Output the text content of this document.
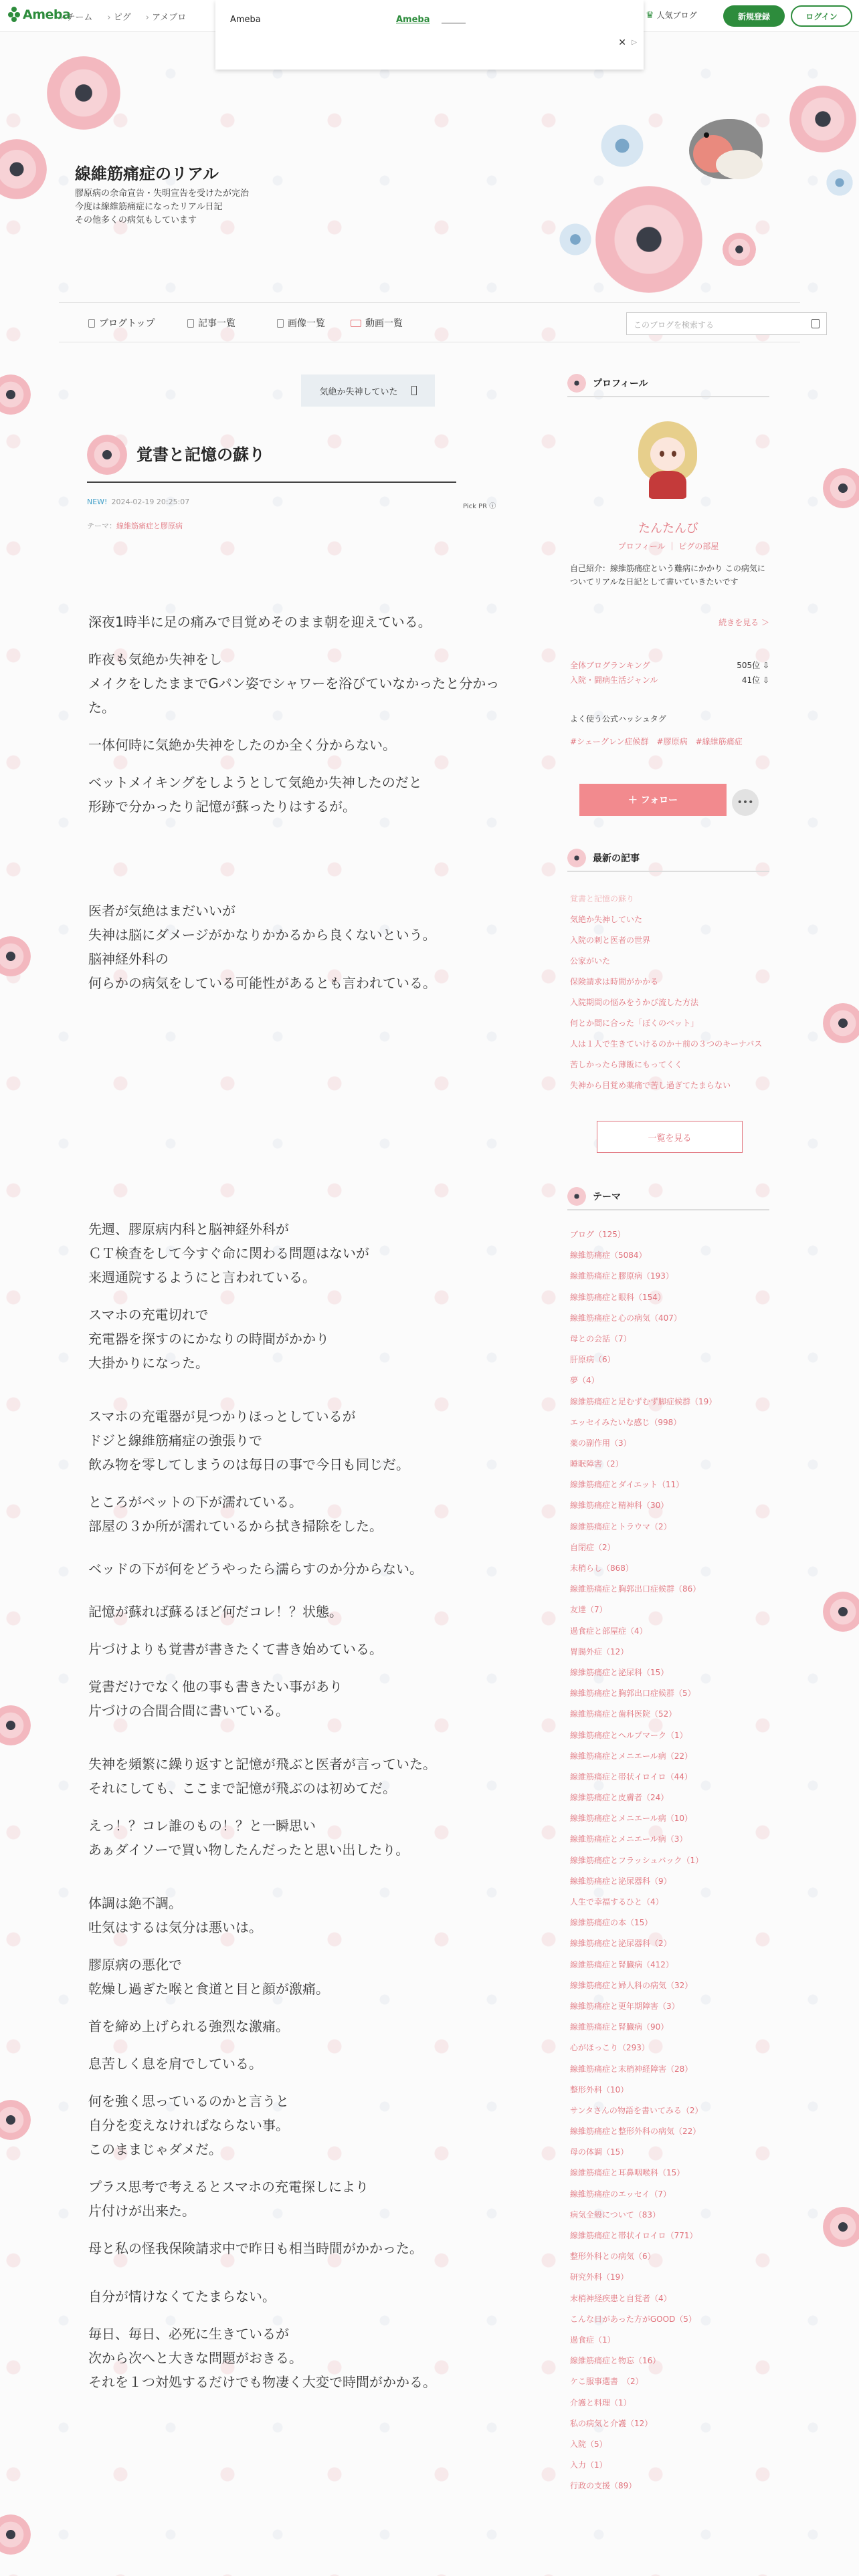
Ameba
› チーム	› ピグ	› アメブロ	♛ 人気ブログ	新規登録	ログイン
Ameba	Ameba
✕ ▷
線維筋痛症のリアル
膠原病の余命宣告・失明宣告を受けたが完治
今度は線維筋痛症になったリアル日記
その他多くの病気もしています
ブログトップ	記事一覧	画像一覧	動画一覧	このブログを検索する
気絶か失神していた
覚書と記憶の蘇り
NEW! 2024-02-19 20:25:07
テーマ：線維筋痛症と膠原病
Pick PR ⓘ

深夜1時半に足の痛みで目覚めそのまま朝を迎えている。

昨夜も気絶か失神をし
メイクをしたままでGパン姿でシャワーを浴びていなかったと分かった。

一体何時に気絶か失神をしたのか全く分からない。

ベットメイキングをしようとして気絶か失神したのだと
形跡で分かったり記憶が蘇ったりはするが。

医者が気絶はまだいいが
失神は脳にダメージがかなりかかるから良くないという。
脳神経外科の
何らかの病気をしている可能性があるとも言われている。

先週、膠原病内科と脳神経外科が
ＣＴ検査をして今すぐ命に関わる問題はないが
来週通院するようにと言われている。

スマホの充電切れで
充電器を探すのにかなりの時間がかかり
大掛かりになった。

スマホの充電器が見つかりほっとしているが
ドジと線維筋痛症の強張りで
飲み物を零してしまうのは毎日の事で今日も同じだ。

ところがベットの下が濡れている。
部屋の３か所が濡れているから拭き掃除をした。

ベッドの下が何をどうやったら濡らすのか分からない。

記憶が蘇れば蘇るほど何だコレ！？状態。

片づけよりも覚書が書きたくて書き始めている。

覚書だけでなく他の事も書きたい事があり
片づけの合間合間に書いている。

失神を頻繁に繰り返すと記憶が飛ぶと医者が言っていた。
それにしても、ここまで記憶が飛ぶのは初めてだ。

えっ！？コレ誰のもの！？と一瞬思い
あぁダイソーで買い物したんだったと思い出したり。

体調は絶不調。
吐気はするは気分は悪いは。

膠原病の悪化で
乾燥し過ぎた喉と食道と目と顔が激痛。

首を締め上げられる強烈な激痛。

息苦しく息を肩でしている。

何を強く思っているのかと言うと
自分を変えなければならない事。
このままじゃダメだ。

プラス思考で考えるとスマホの充電探しにより
片付けが出来た。

母と私の怪我保険請求中で昨日も相当時間がかかった。

自分が情けなくてたまらない。

毎日、毎日、必死に生きているが
次から次へと大きな問題がおきる。
それを１つ対処するだけでも物凄く大変で時間がかかる。

プロフィール
たんたんび
プロフィール ｜ ピグの部屋
自己紹介：線維筋痛症という難病にかかり この病気についてリアルな日記として書いていきたいです
続きを見る ＞
全体ブログランキング	505位 ⇩
入院・闘病生活ジャンル	41位 ⇩
よく使う公式ハッシュタグ
#シェーグレン症候群 #膠原病 #線維筋痛症
＋ フォロー	•••
最新の記事
覚書と記憶の蘇り
気絶か失神していた
入院の刺と医者の世界
公家がいた
保険請求は時間がかかる
入院期間の悩みをうかび流した方法
何とか間に合った「ぼくのベット」
人は１人で生きていけるのか＋前の３つのキーナバス
苦しかったら薄飯にもってくく
失神から目覚め薬痛で苦し過ぎてたまらない
一覧を見る
テーマ
ブログ（125）
線維筋痛症（5084）
線維筋痛症と膠原病（193）
線維筋痛症と眼科（154）
線維筋痛症と心の病気（407）
母との会話（7）
肝原病（6）
夢（4）
線維筋痛症と足むずむず脚症候群（19）
エッセイみたいな感じ（998）
薬の副作用（3）
睡眠障害（2）
線維筋痛症とダイエット（11）
線維筋痛症と精神科（30）
線維筋痛症とトラウマ（2）
自閉症（2）
末梢らし（868）
線維筋痛症と胸郭出口症候群（86）
友達（7）
過食症と部屋症（4）
胃腸外症（12）
線維筋痛症と泌尿科（15）
線維筋痛症と胸郭出口症候群（5）
線維筋痛症と歯科医院（52）
線維筋痛症とヘルプマーク（1）
線維筋痛症とメニエール病（22）
線維筋痛症と帯状イロイロ（44）
線維筋痛症と皮膚者（24）
線維筋痛症とメニエール病（10）
線維筋痛症とメニエール病（3）
線維筋痛症とフラッシュバック（1）
線維筋痛症と泌尿器科（9）
人生で幸福するひと（4）
線維筋痛症の本（15）
線維筋痛症と泌尿器科（2）
線維筋痛症と腎臓病（412）
線維筋痛症と婦人科の病気（32）
線維筋痛症と更年期障害（3）
線維筋痛症と腎臓病（90）
心がほっこり（293）
線維筋痛症と末梢神経障害（28）
整形外科（10）
サンタさんの物語を書いてみる（2）
線維筋痛症と整形外科の病気（22）
母の体調（15）
線維筋痛症と耳鼻咽喉科（15）
線維筋痛症のエッセイ（7）
病気全般について（83）
線維筋痛症と帯状イロイロ（771）
整形外科との病気（6）
研究外科（19）
末梢神経疾患と自覚者（4）
こんな日があった方がGOOD（5）
過食症（1）
線維筋痛症と物忘（16）
ケこ服事選書　（2）
介護と料理（1）
私の病気と介護（12）
入院（5）
入力（1）
行政の支援（89）
